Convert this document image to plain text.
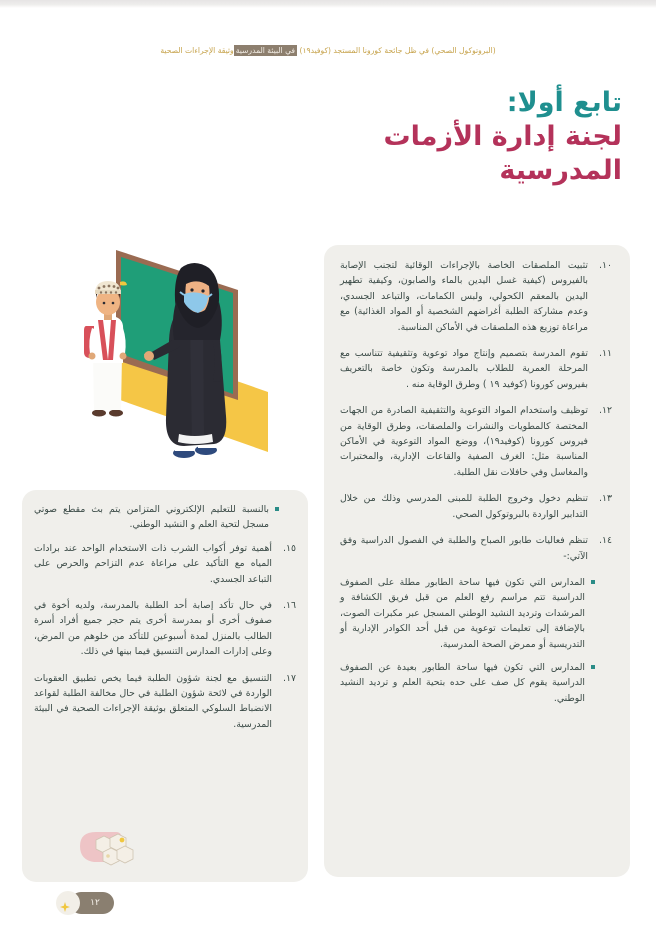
(البروتوكول الصحي) في ظل جائحة كورونا المستجد (كوفيد١٩) في البيئة المدرسيةوثيقة الإجراءات الصحية
تابع أولا:
لجنة إدارة الأزمات
المدرسية
١٠.
تثبيت الملصقات الخاصة بالإجراءات الوقائية لتجنب الإصابة بالفيروس (كيفية غسل اليدين بالماء والصابون، وكيفية تطهير اليدين بالمعقم الكحولي، ولبس الكمامات، والتباعد الجسدي، وعدم مشاركة الطلبة أغراضهم الشخصية أو المواد الغذائية) مع مراعاة توزيع هذه الملصقات في الأماكن المناسبة.
١١.
تقوم المدرسة بتصميم وإنتاج مواد توعوية وتثقيفية تتناسب مع المرحلة العمرية للطلاب بالمدرسة وتكون خاصة بالتعريف بفيروس كورونا (كوفيد ١٩ ) وطرق الوقاية منه .
١٢.
توظيف واستخدام المواد التوعوية والتثقيفية الصادرة من الجهات المختصة كالمطويات والنشرات والملصقات، وطرق الوقاية من فيروس كورونا (كوفيد١٩)، ووضع المواد التوعوية في الأماكن المناسبة مثل: الغرف الصفية والقاعات الإدارية، والمختبرات والمغاسل وفي حافلات نقل الطلبة.
١٣.
تنظيم دخول وخروج الطلبة للمبنى المدرسي وذلك من خلال التدابير الواردة بالبروتوكول الصحي.
١٤.
تنظم فعاليات طابور الصباح والطلبة في الفصول الدراسية وفق الآتي:-
المدارس التي تكون فيها ساحة الطابور مطلة على الصفوف الدراسية تتم مراسم رفع العلم من قبل فريق الكشافة و المرشدات وترديد النشيد الوطني المسجل عبر مكبرات الصوت، بالإضافة إلى تعليمات توعوية من قبل أحد الكوادر الإدارية أو التدريسية أو ممرض الصحة المدرسية.
المدارس التي تكون فيها ساحة الطابور بعيدة عن الصفوف الدراسية يقوم كل صف على حده بتحية العلم و ترديد النشيد الوطني.
بالنسبة للتعليم الإلكتروني المتزامن يتم بث مقطع صوتي مسجل لتحية العلم و النشيد الوطني.
١٥.
أهمية توفر أكواب الشرب ذات الاستخدام الواحد عند برادات المياه مع التأكيد على مراعاة عدم التزاحم والحرص على التباعد الجسدي.
١٦.
في حال تأكد إصابة أحد الطلبة بالمدرسة، ولديه أخوة في صفوف أخرى أو بمدرسة أخرى يتم حجر جميع أفراد أسرة الطالب بالمنزل لمدة أسبوعين للتأكد من خلوهم من المرض، وعلى إدارات المدارس التنسيق فيما بينها في ذلك.
١٧.
التنسيق مع لجنة شؤون الطلبة فيما يخص تطبيق العقوبات الواردة في لائحة شؤون الطلبة في حال مخالفة الطلبة لقواعد الانضباط السلوكي المتعلق بوثيقة الإجراءات الصحية في البيئة المدرسية.
١٢
